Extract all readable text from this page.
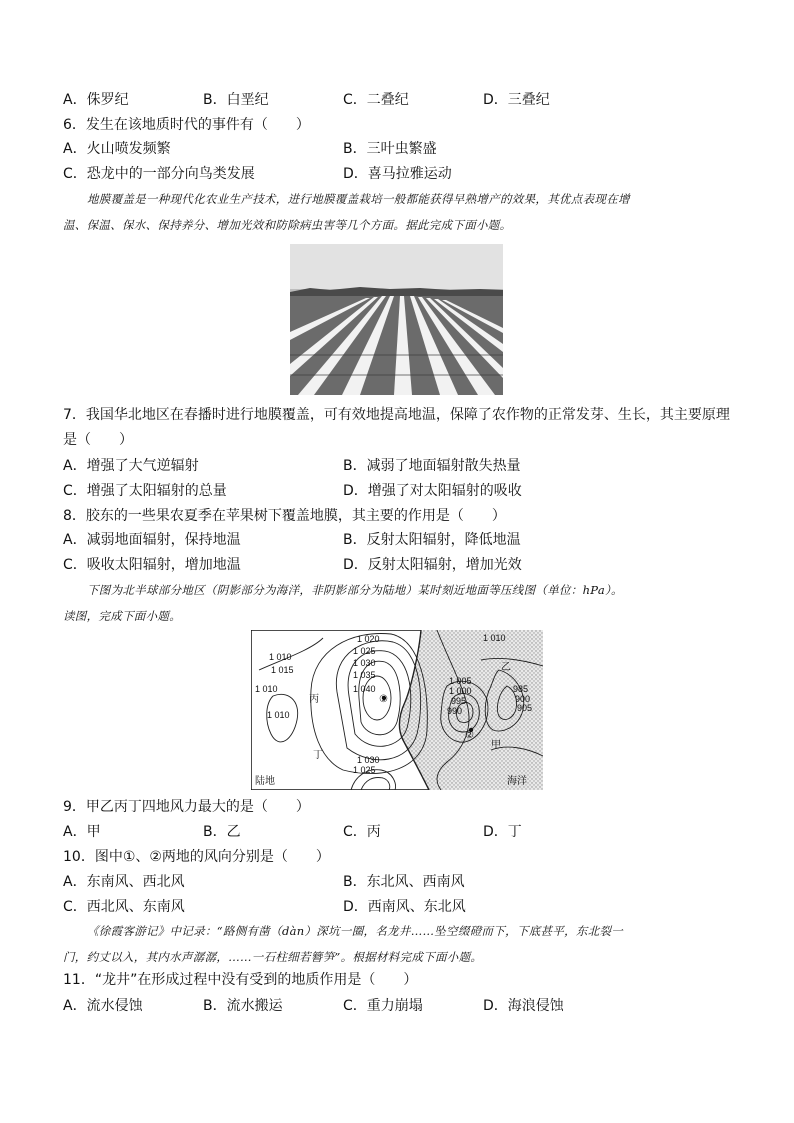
A．侏罗纪	B．白垩纪	C．二叠纪	D．三叠纪
6．发生在该地质时代的事件有（　　）
A．火山喷发频繁	B．三叶虫繁盛
C．恐龙中的一部分向鸟类发展	D．喜马拉雅运动
地膜覆盖是一种现代化农业生产技术，进行地膜覆盖栽培一般都能获得早熟增产的效果，其优点表现在增
温、保温、保水、保持养分、增加光效和防除病虫害等几个方面。据此完成下面小题。
7．我国华北地区在春播时进行地膜覆盖，可有效地提高地温，保障了农作物的正常发芽、生长，其主要原理
是（　　）
A．增强了大气逆辐射	B．减弱了地面辐射散失热量
C．增强了太阳辐射的总量	D．增强了对太阳辐射的吸收
8．胶东的一些果农夏季在苹果树下覆盖地膜，其主要的作用是（　　）
A．减弱地面辐射，保持地温	B．反射太阳辐射，降低地温
C．吸收太阳辐射，增加地温	D．反射太阳辐射，增加光效
下图为北半球部分地区（阴影部分为海洋，非阴影部分为陆地）某时刻近地面等压线图（单位：hPa）。
读图，完成下面小题。
1 020
1 025
1 030
1 035
1 040
1 010
1 015
1 010
1 010
1 010
1 005
1 000
995
990
985
900
905
1 030
1 025
甲
乙
丙
丁
①
②
陆地	海洋
9．甲乙丙丁四地风力最大的是（　　）
A．甲	B．乙	C．丙	D．丁
10．图中①、②两地的风向分别是（　　）
A．东南风、西北风	B．东北风、西南风
C．西北风、东南风	D．西南风、东北风
《徐霞客游记》中记录：“路侧有凿（dàn）深坑一圈，名龙井……坠空缀磴而下，下底甚平，东北裂一
门，约丈以入，其内水声潺潺，……一石柱细若簪笋”。根据材料完成下面小题。
11．“龙井”在形成过程中没有受到的地质作用是（　　）
A．流水侵蚀	B．流水搬运	C．重力崩塌	D．海浪侵蚀
